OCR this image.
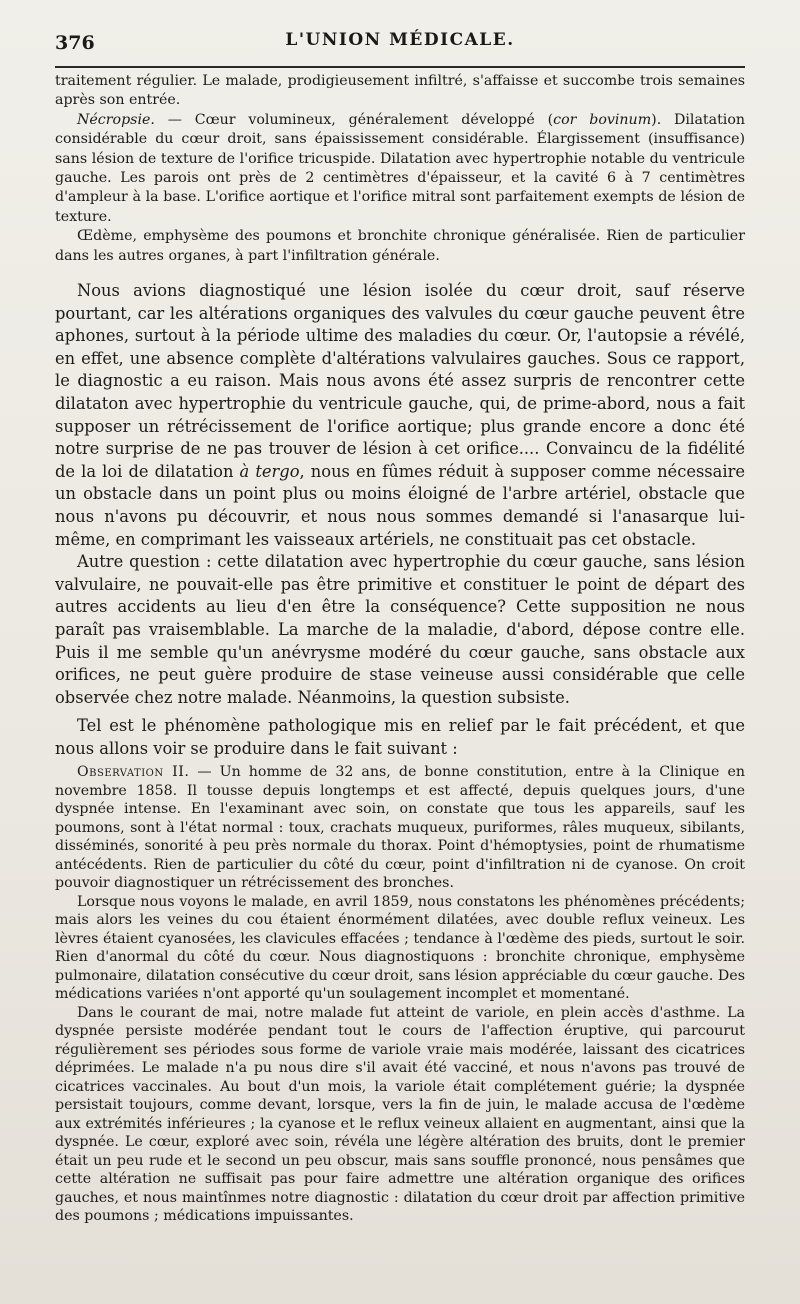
376	L'UNION MÉDICALE.

traitement régulier. Le malade, prodigieusement infiltré, s'affaisse et succombe trois semaines après son entrée.

Nécropsie. — Cœur volumineux, généralement développé (cor bovinum). Dilatation considérable du cœur droit, sans épaississement considérable. Élargissement (insuffisance) sans lésion de texture de l'orifice tricuspide. Dilatation avec hypertrophie notable du ventricule gauche. Les parois ont près de 2 centimètres d'épaisseur, et la cavité 6 à 7 centimètres d'ampleur à la base. L'orifice aortique et l'orifice mitral sont parfaitement exempts de lésion de texture.

Œdème, emphysème des poumons et bronchite chronique généralisée. Rien de particulier dans les autres organes, à part l'infiltration générale.

Nous avions diagnostiqué une lésion isolée du cœur droit, sauf réserve pourtant, car les altérations organiques des valvules du cœur gauche peuvent être aphones, surtout à la période ultime des maladies du cœur. Or, l'autopsie a révélé, en effet, une absence complète d'altérations valvulaires gauches. Sous ce rapport, le diagnostic a eu raison. Mais nous avons été assez surpris de rencontrer cette dilataton avec hypertrophie du ventricule gauche, qui, de prime-abord, nous a fait supposer un rétrécissement de l'orifice aortique; plus grande encore a donc été notre surprise de ne pas trouver de lésion à cet orifice.... Convaincu de la fidélité de la loi de dilatation à tergo, nous en fûmes réduit à supposer comme nécessaire un obstacle dans un point plus ou moins éloigné de l'arbre artériel, obstacle que nous n'avons pu découvrir, et nous nous sommes demandé si l'anasarque lui-même, en comprimant les vaisseaux artériels, ne constituait pas cet obstacle.

Autre question : cette dilatation avec hypertrophie du cœur gauche, sans lésion valvulaire, ne pouvait-elle pas être primitive et constituer le point de départ des autres accidents au lieu d'en être la conséquence? Cette supposition ne nous paraît pas vraisemblable. La marche de la maladie, d'abord, dépose contre elle. Puis il me semble qu'un anévrysme modéré du cœur gauche, sans obstacle aux orifices, ne peut guère produire de stase veineuse aussi considérable que celle observée chez notre malade. Néanmoins, la question subsiste.

Tel est le phénomène pathologique mis en relief par le fait précédent, et que nous allons voir se produire dans le fait suivant :

Observation II. — Un homme de 32 ans, de bonne constitution, entre à la Clinique en novembre 1858. Il tousse depuis longtemps et est affecté, depuis quelques jours, d'une dyspnée intense. En l'examinant avec soin, on constate que tous les appareils, sauf les poumons, sont à l'état normal : toux, crachats muqueux, puriformes, râles muqueux, sibilants, disséminés, sonorité à peu près normale du thorax. Point d'hémoptysies, point de rhumatisme antécédents. Rien de particulier du côté du cœur, point d'infiltration ni de cyanose. On croit pouvoir diagnostiquer un rétrécissement des bronches.

Lorsque nous voyons le malade, en avril 1859, nous constatons les phénomènes précédents; mais alors les veines du cou étaient énormément dilatées, avec double reflux veineux. Les lèvres étaient cyanosées, les clavicules effacées ; tendance à l'œdème des pieds, surtout le soir. Rien d'anormal du côté du cœur. Nous diagnostiquons : bronchite chronique, emphysème pulmonaire, dilatation consécutive du cœur droit, sans lésion appréciable du cœur gauche. Des médications variées n'ont apporté qu'un soulagement incomplet et momentané.

Dans le courant de mai, notre malade fut atteint de variole, en plein accès d'asthme. La dyspnée persiste modérée pendant tout le cours de l'affection éruptive, qui parcourut régulièrement ses périodes sous forme de variole vraie mais modérée, laissant des cicatrices déprimées. Le malade n'a pu nous dire s'il avait été vacciné, et nous n'avons pas trouvé de cicatrices vaccinales. Au bout d'un mois, la variole était complétement guérie; la dyspnée persistait toujours, comme devant, lorsque, vers la fin de juin, le malade accusa de l'œdème aux extrémités inférieures ; la cyanose et le reflux veineux allaient en augmentant, ainsi que la dyspnée. Le cœur, exploré avec soin, révéla une légère altération des bruits, dont le premier était un peu rude et le second un peu obscur, mais sans souffle prononcé, nous pensâmes que cette altération ne suffisait pas pour faire admettre une altération organique des orifices gauches, et nous maintînmes notre diagnostic : dilatation du cœur droit par affection primitive des poumons ; médications impuissantes.
